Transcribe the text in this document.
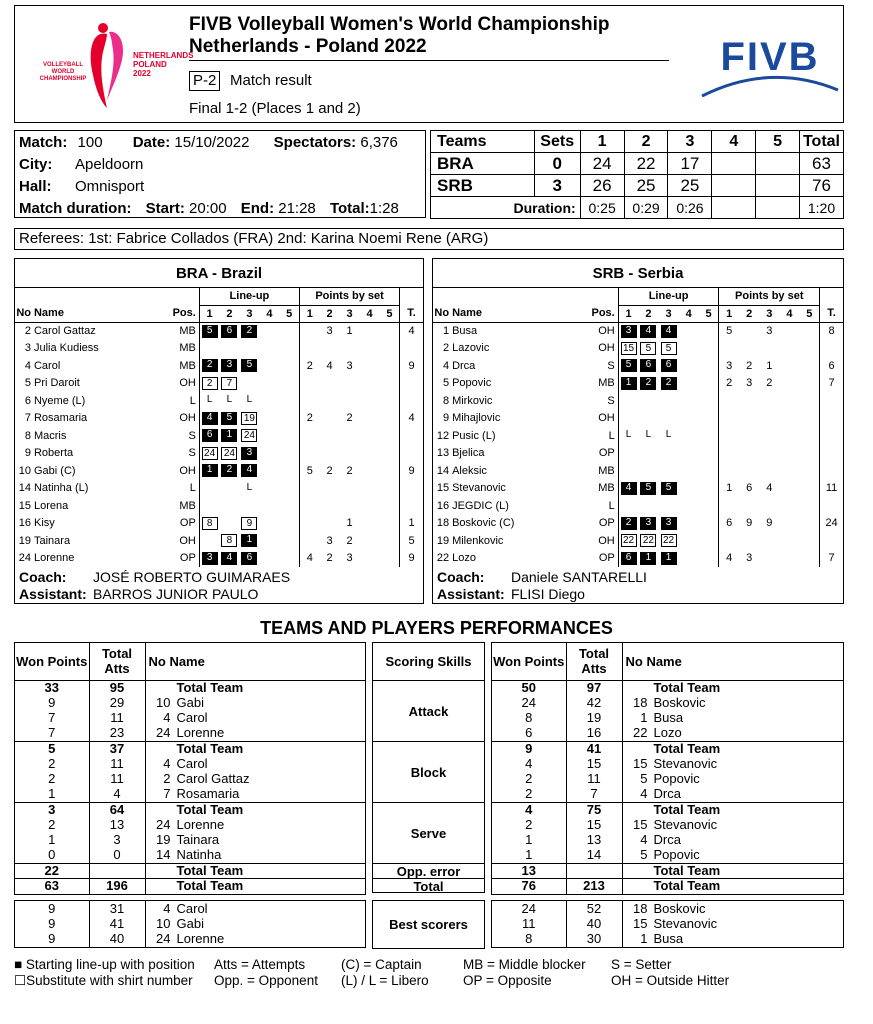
VOLLEYBALL
WORLD
CHAMPIONSHIP
NETHERLANDS
POLAND
2022
FIVB Volleyball Women's World Championship
Netherlands - Poland 2022
P-2 Match result
Final 1-2 (Places 1 and 2)
FIVB
Match: 100 Date: 15/10/2022 Spectators: 6,376
City: Apeldoorn
Hall: Omnisport
Match duration: Start: 20:00 End: 21:28 Total:1:28
Teams	Sets	1	2	3	4	5	Total
BRA	0	24	22	17			63
SRB	3	26	25	25			76
Duration:		0:25	0:29	0:26			1:20
Referees: 1st: Fabrice Collados (FRA) 2nd: Karina Noemi Rene (ARG)
BRA - Brazil
			Line-up					Points by set					
No	Name	Pos.	1	2	3	4	5	1	2	3	4	5	T.
2	Carol Gattaz	MB	5	6	2				3	1			4
3	Julia Kudiess	MB											
4	Carol	MB	2	3	5			2	4	3			9
5	Pri Daroit	OH	2	7									
6	Nyeme (L)	L	L	L	L								
7	Rosamaria	OH	4	5	19			2		2			4
8	Macris	S	6	1	24								
9	Roberta	S	24	24	3								
10	Gabi (C)	OH	1	2	4			5	2	2			9
14	Natinha (L)	L			L								
15	Lorena	MB											
16	Kisy	OP	8		9					1			1
19	Tainara	OH		8	1				3	2			5
24	Lorenne	OP	3	4	6			4	2	3			9
Coach: JOSÉ ROBERTO GUIMARAES
Assistant: BARROS JUNIOR PAULO
SRB - Serbia
			Line-up					Points by set					
No	Name	Pos.	1	2	3	4	5	1	2	3	4	5	T.
1	Busa	OH	3	4	4			5		3			8
2	Lazovic	OH	15	5	5								
4	Drca	S	5	6	6			3	2	1			6
5	Popovic	MB	1	2	2			2	3	2			7
8	Mirkovic	S											
9	Mihajlovic	OH											
12	Pusic (L)	L	L	L	L								
13	Bjelica	OP											
14	Aleksic	MB											
15	Stevanovic	MB	4	5	5			1	6	4			11
16	JEGDIC (L)	L											
18	Boskovic (C)	OP	2	3	3			6	9	9			24
19	Milenkovic	OH	22	22	22								
22	Lozo	OP	6	1	1			4	3				7
Coach: Daniele SANTARELLI
Assistant: FLISI Diego
TEAMS AND PLAYERS PERFORMANCES
Won Points	Total Atts	No Name
33	95	Total Team
9	29	10 Gabi
7	11	4 Carol
7	23	24 Lorenne
5	37	Total Team
2	11	4 Carol
2	11	2 Carol Gattaz
1	4	7 Rosamaria
3	64	Total Team
2	13	24 Lorenne
1	3	19 Tainara
0	0	14 Natinha
22		Total Team
63	196	Total Team
Scoring Skills
Attack
Block
Serve
Opp. error
Total
Won Points	Total Atts	No Name
50	97	Total Team
24	42	18 Boskovic
8	19	1 Busa
6	16	22 Lozo
9	41	Total Team
4	15	15 Stevanovic
2	11	5 Popovic
2	7	4 Drca
4	75	Total Team
2	15	15 Stevanovic
1	13	4 Drca
1	14	5 Popovic
13		Total Team
76	213	Total Team
9	31	4 Carol
9	41	10 Gabi
9	40	24 Lorenne
Best scorers
24	52	18 Boskovic
11	40	15 Stevanovic
8	30	1 Busa
■ Starting line-up with position
☐Substitute with shirt number
Atts = Attempts
Opp. = Opponent
(C) = Captain
(L) / L = Libero
MB = Middle blocker
OP = Opposite
S = Setter
OH = Outside Hitter
